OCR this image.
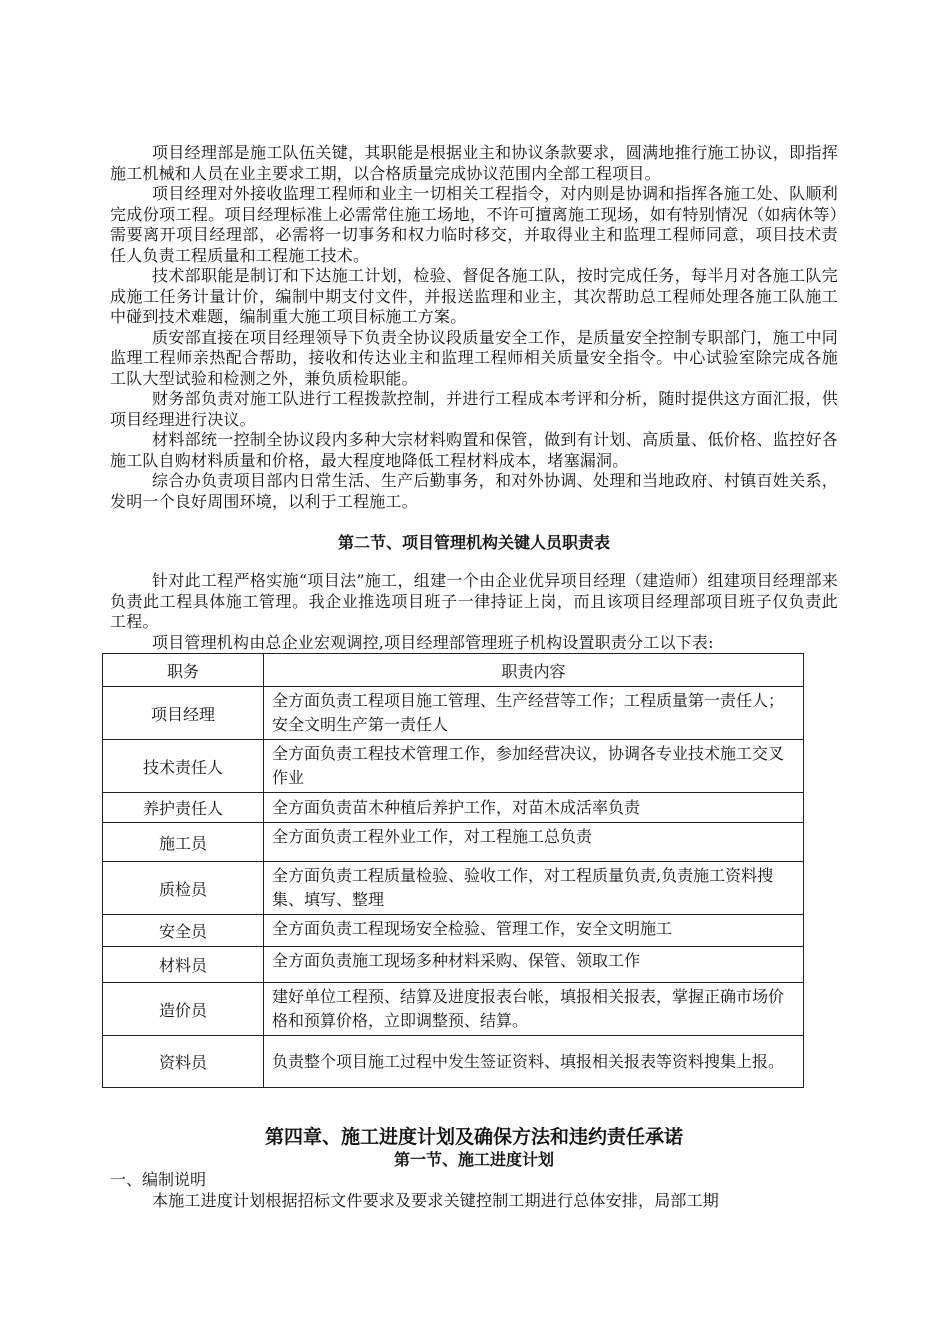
项目经理部是施工队伍关键，其职能是根据业主和协议条款要求，圆满地推行施工协议，即指挥施工机械和人员在业主要求工期，以合格质量完成协议范围内全部工程项目。

项目经理对外接收监理工程师和业主一切相关工程指令，对内则是协调和指挥各施工处、队顺利完成份项工程。项目经理标准上必需常住施工场地，不许可擅离施工现场，如有特别情况（如病休等）需要离开项目经理部，必需将一切事务和权力临时移交，并取得业主和监理工程师同意，项目技术责任人负责工程质量和工程施工技术。

技术部职能是制订和下达施工计划，检验、督促各施工队，按时完成任务，每半月对各施工队完成施工任务计量计价，编制中期支付文件，并报送监理和业主，其次帮助总工程师处理各施工队施工中碰到技术难题，编制重大施工项目标施工方案。

质安部直接在项目经理领导下负责全协议段质量安全工作，是质量安全控制专职部门，施工中同监理工程师亲热配合帮助，接收和传达业主和监理工程师相关质量安全指令。中心试验室除完成各施工队大型试验和检测之外，兼负质检职能。

财务部负责对施工队进行工程拨款控制，并进行工程成本考评和分析，随时提供这方面汇报，供项目经理进行决议。

材料部统一控制全协议段内多种大宗材料购置和保管，做到有计划、高质量、低价格、监控好各施工队自购材料质量和价格，最大程度地降低工程材料成本，堵塞漏洞。

综合办负责项目部内日常生活、生产后勤事务，和对外协调、处理和当地政府、村镇百姓关系，发明一个良好周围环境，以利于工程施工。

第二节、项目管理机构关键人员职责表

针对此工程严格实施“项目法”施工，组建一个由企业优异项目经理（建造师）组建项目经理部来负责此工程具体施工管理。我企业推选项目班子一律持证上岗，而且该项目经理部项目班子仅负责此工程。

项目管理机构由总企业宏观调控,项目经理部管理班子机构设置职责分工以下表:

职务	职责内容
项目经理	全方面负责工程项目施工管理、生产经营等工作；工程质量第一责任人；安全文明生产第一责任人
技术责任人	全方面负责工程技术管理工作，参加经营决议，协调各专业技术施工交叉作业
养护责任人	全方面负责苗木种植后养护工作，对苗木成活率负责
施工员	全方面负责工程外业工作，对工程施工总负责
质检员	全方面负责工程质量检验、验收工作，对工程质量负责,负责施工资料搜集、填写、整理
安全员	全方面负责工程现场安全检验、管理工作，安全文明施工
材料员	全方面负责施工现场多种材料采购、保管、领取工作
造价员	建好单位工程预、结算及进度报表台帐，填报相关报表，掌握正确市场价格和预算价格，立即调整预、结算。
资料员	负责整个项目施工过程中发生签证资料、填报相关报表等资料搜集上报。
第四章、施工进度计划及确保方法和违约责任承诺
第一节、施工进度计划

一、编制说明

本施工进度计划根据招标文件要求及要求关键控制工期进行总体安排，局部工期
